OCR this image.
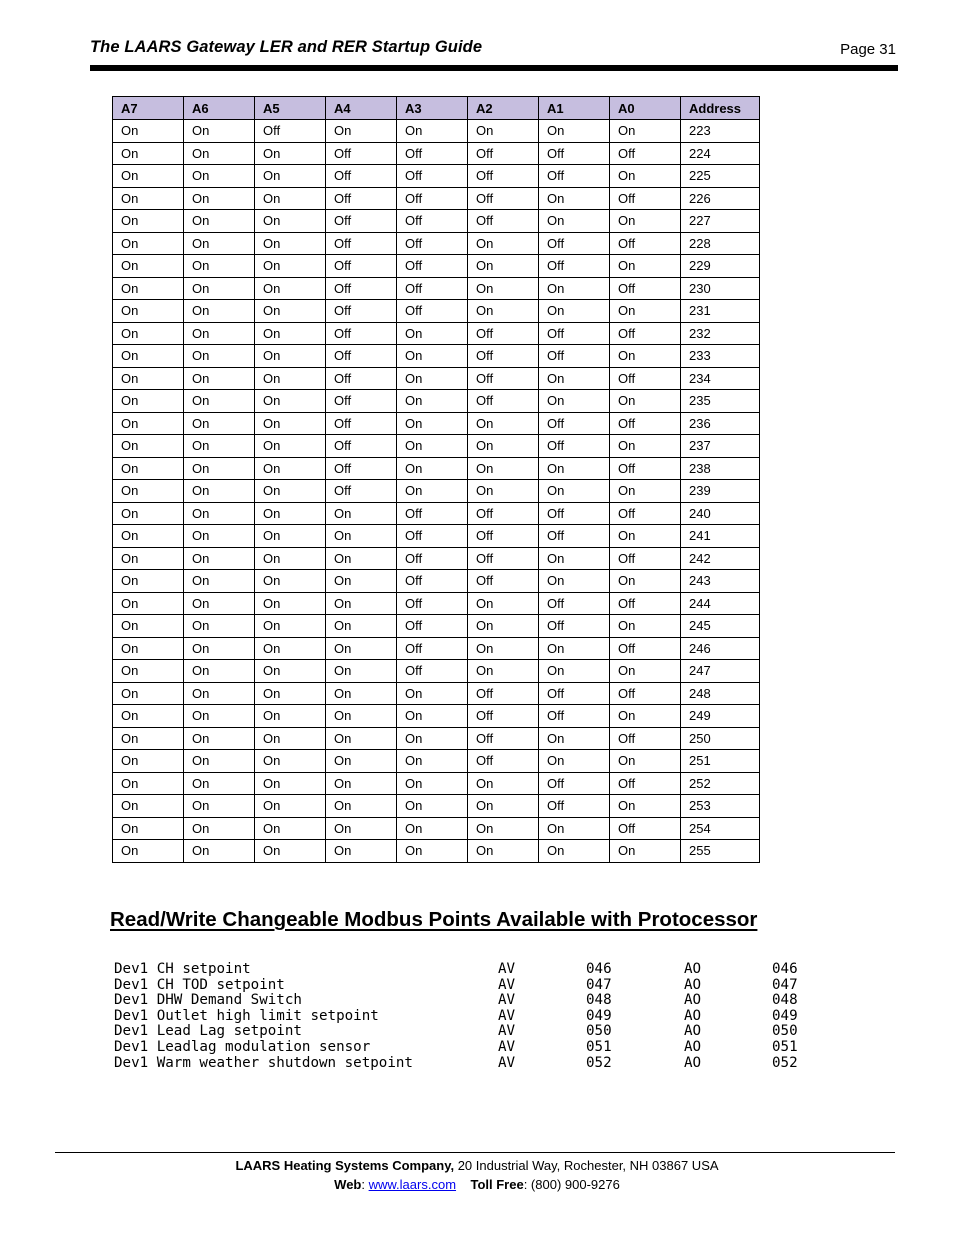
The LAARS Gateway LER and RER Startup Guide	Page 31
A7	A6	A5	A4	A3	A2	A1	A0	Address
On	On	Off	On	On	On	On	On	223
On	On	On	Off	Off	Off	Off	Off	224
On	On	On	Off	Off	Off	Off	On	225
On	On	On	Off	Off	Off	On	Off	226
On	On	On	Off	Off	Off	On	On	227
On	On	On	Off	Off	On	Off	Off	228
On	On	On	Off	Off	On	Off	On	229
On	On	On	Off	Off	On	On	Off	230
On	On	On	Off	Off	On	On	On	231
On	On	On	Off	On	Off	Off	Off	232
On	On	On	Off	On	Off	Off	On	233
On	On	On	Off	On	Off	On	Off	234
On	On	On	Off	On	Off	On	On	235
On	On	On	Off	On	On	Off	Off	236
On	On	On	Off	On	On	Off	On	237
On	On	On	Off	On	On	On	Off	238
On	On	On	Off	On	On	On	On	239
On	On	On	On	Off	Off	Off	Off	240
On	On	On	On	Off	Off	Off	On	241
On	On	On	On	Off	Off	On	Off	242
On	On	On	On	Off	Off	On	On	243
On	On	On	On	Off	On	Off	Off	244
On	On	On	On	Off	On	Off	On	245
On	On	On	On	Off	On	On	Off	246
On	On	On	On	Off	On	On	On	247
On	On	On	On	On	Off	Off	Off	248
On	On	On	On	On	Off	Off	On	249
On	On	On	On	On	Off	On	Off	250
On	On	On	On	On	Off	On	On	251
On	On	On	On	On	On	Off	Off	252
On	On	On	On	On	On	Off	On	253
On	On	On	On	On	On	On	Off	254
On	On	On	On	On	On	On	On	255
Read/Write Changeable Modbus Points Available with Protocessor
Dev1 CH setpoint	AV	046	AO	046
Dev1 CH TOD setpoint	AV	047	AO	047
Dev1 DHW Demand Switch	AV	048	AO	048
Dev1 Outlet high limit setpoint	AV	049	AO	049
Dev1 Lead Lag setpoint	AV	050	AO	050
Dev1 Leadlag modulation sensor	AV	051	AO	051
Dev1 Warm weather shutdown setpoint	AV	052	AO	052
LAARS Heating Systems Company, 20 Industrial Way, Rochester, NH 03867 USA
Web: www.laars.com Toll Free: (800) 900-9276
